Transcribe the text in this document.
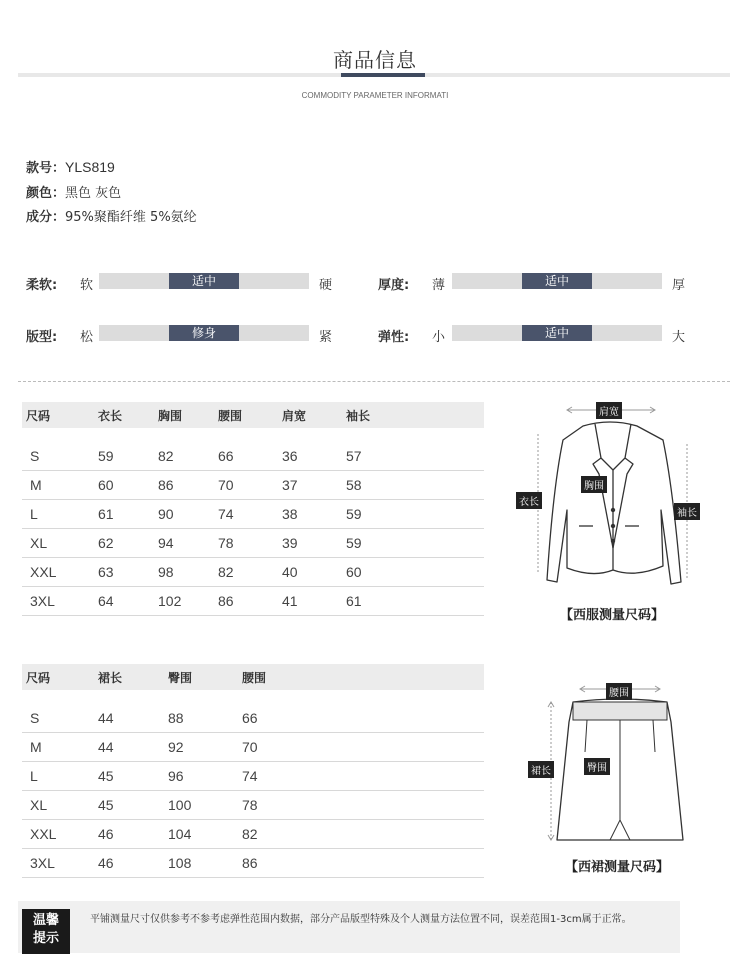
商品信息
COMMODITY PARAMETER INFORMATI
款号：YLS819
颜色：黑色 灰色
成分：95%聚酯纤维 5%氨纶
柔软: 软	适中	硬	厚度: 薄	适中	厚
版型: 松	修身	紧	弹性: 小	适中	大
尺码	衣长	胸围	腰围	肩宽	袖长

S	59	82	66	36	57
M	60	86	70	37	58
L	61	90	74	38	59
XL	62	94	78	39	59
XXL	63	98	82	40	60
3XL	64	102	86	41	61
肩宽
胸围
衣长
袖长
【西服测量尺码】
尺码	裙长	臀围	腰围

S	44	88	66
M	44	92	70
L	45	96	74
XL	45	100	78
XXL	46	104	82
3XL	46	108	86
腰围
臀围
裙长
【西裙测量尺码】
温馨
提示
平铺测量尺寸仅供参考不参考虑弹性范围内数据，部分产品版型特殊及个人测量方法位置不同，误差范围1-3cm属于正常。
